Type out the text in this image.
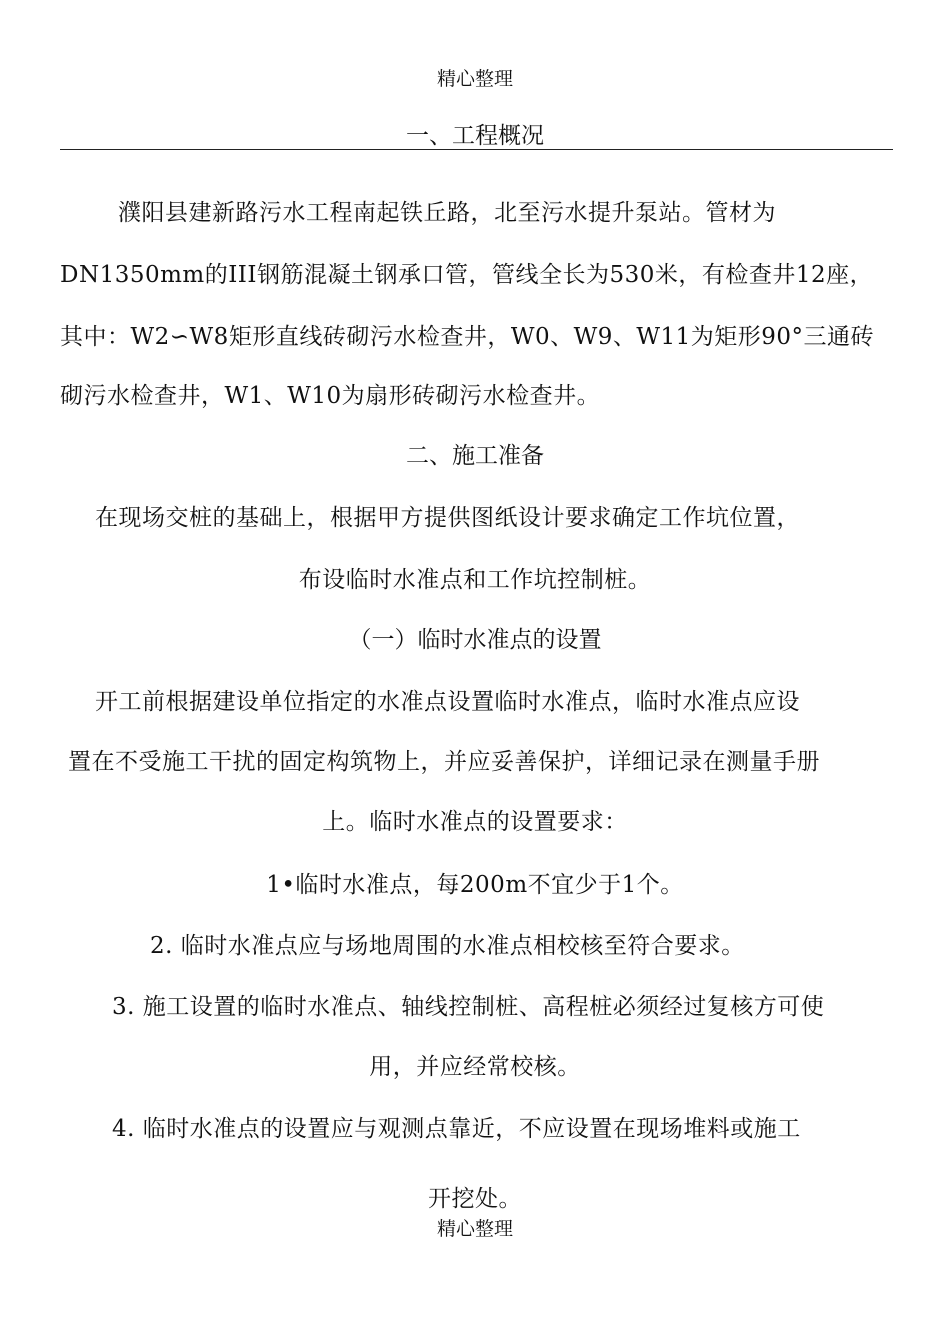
精心整理
一、工程概况
濮阳县建新路污水工程南起铁丘路，北至污水提升泵站。管材为
DN1350mm的III钢筋混凝土钢承口管，管线全长为530米，有检查井12座，
其中：W2∽W8矩形直线砖砌污水检查井，W0、W9、W11为矩形90°三通砖
砌污水检查井，W1、W10为扇形砖砌污水检查井。
二、施工准备
在现场交桩的基础上，根据甲方提供图纸设计要求确定工作坑位置，
布设临时水准点和工作坑控制桩。
（一）临时水准点的设置
开工前根据建设单位指定的水准点设置临时水准点，临时水准点应设
置在不受施工干扰的固定构筑物上，并应妥善保护，详细记录在测量手册
上。临时水准点的设置要求：
1•临时水准点，每200m不宜少于1个。
2. 临时水准点应与场地周围的水准点相校核至符合要求。
3. 施工设置的临时水准点、轴线控制桩、高程桩必须经过复核方可使
用，并应经常校核。
4. 临时水准点的设置应与观测点靠近，不应设置在现场堆料或施工
开挖处。
精心整理
